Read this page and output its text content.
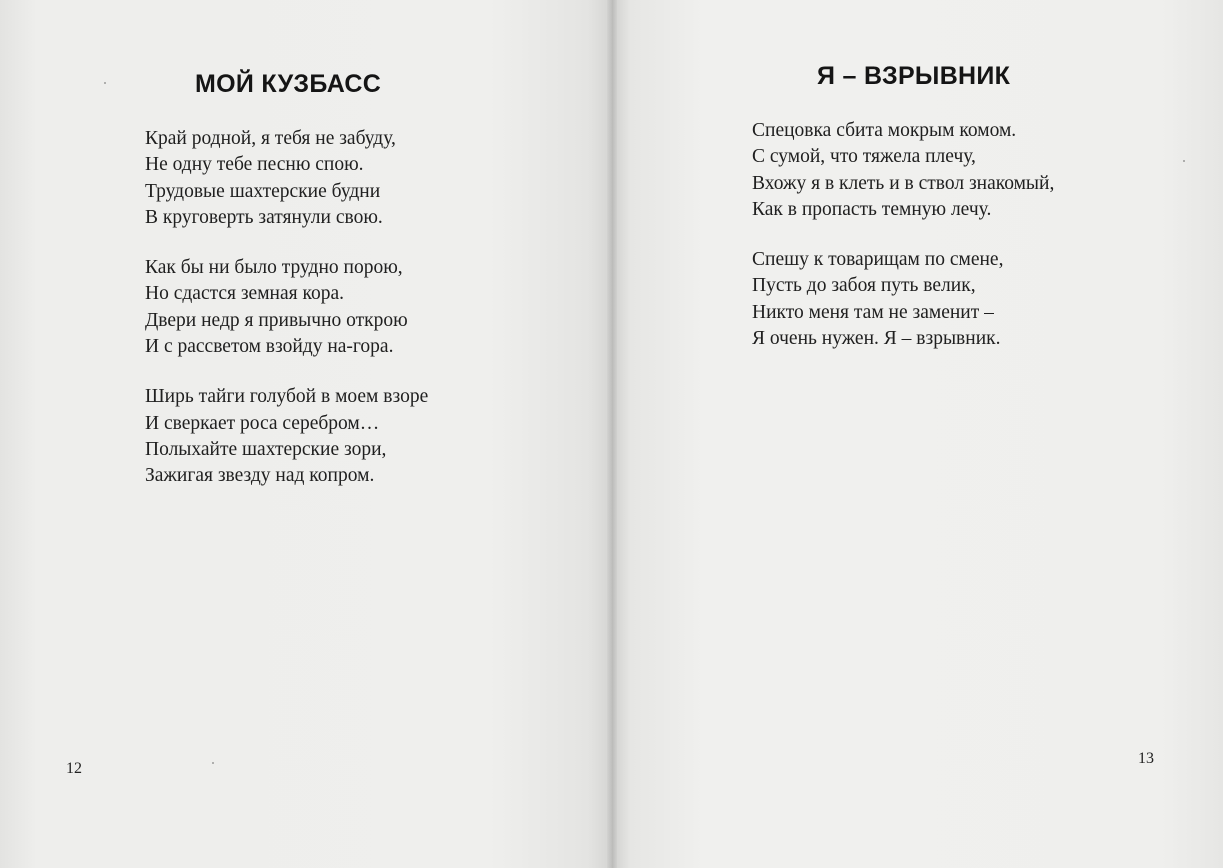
МОЙ КУЗБАСС
Край родной, я тебя не забуду,
Не одну тебе песню спою.
Трудовые шахтерские будни
В круговерть затянули свою.
Как бы ни было трудно порою,
Но сдастся земная кора.
Двери недр я привычно открою
И с рассветом взойду на-гора.
Ширь тайги голубой в моем взоре
И сверкает роса серебром…
Полыхайте шахтерские зори,
Зажигая звезду над копром.
12
Я – ВЗРЫВНИК
Спецовка сбита мокрым комом.
С сумой, что тяжела плечу,
Вхожу я в клеть и в ствол знакомый,
Как в пропасть темную лечу.
Спешу к товарищам по смене,
Пусть до забоя путь велик,
Никто меня там не заменит –
Я очень нужен. Я – взрывник.
13
